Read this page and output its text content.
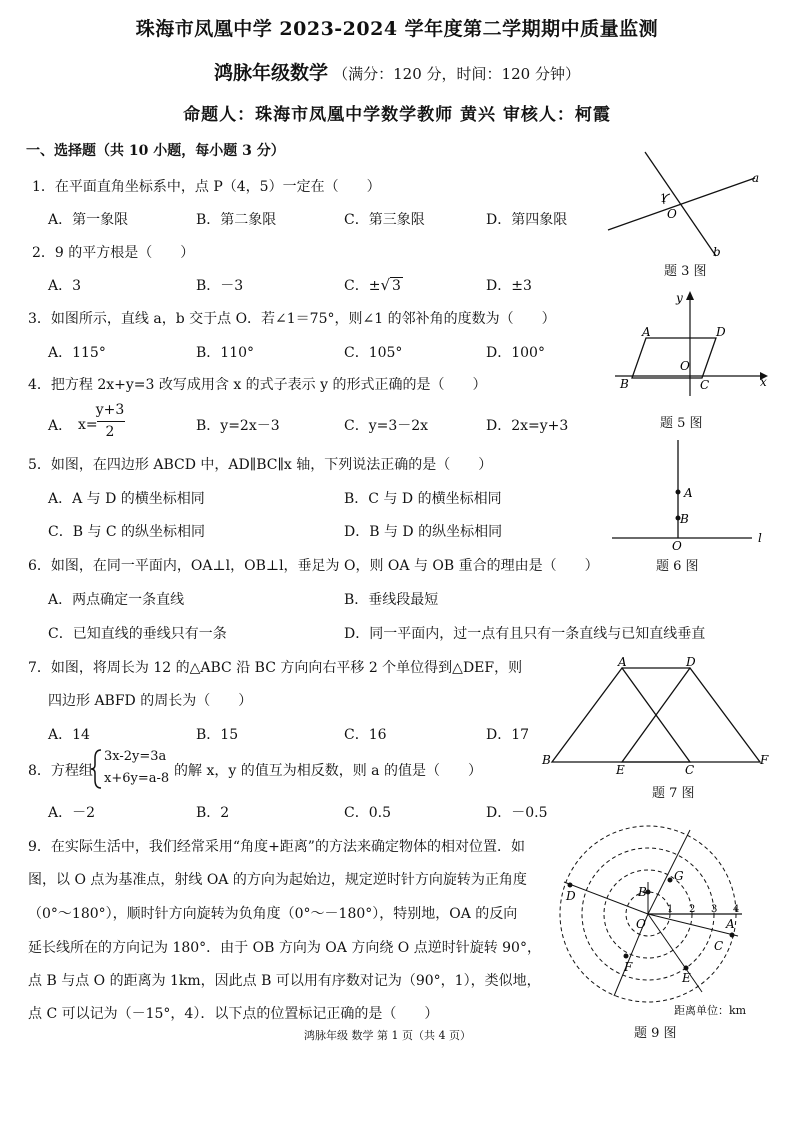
珠海市凤凰中学 2023-2024 学年度第二学期期中质量监测
鸿脉年级数学 （满分：120 分，时间：120 分钟）
命题人：珠海市凤凰中学数学教师 黄兴 审核人：柯霞
一、选择题（共 10 小题，每小题 3 分）
1．在平面直角坐标系中，点 P（4，5）一定在（　　）
A．第一象限	B．第二象限	C．第三象限	D．第四象限
2．9 的平方根是（　　）
A．3	B．－3	C．±√ 3	D．±3
3．如图所示，直线 a，b 交于点 O．若∠1＝75°，则∠1 的邻补角的度数为（　　）
A．115°	B．110°	C．105°	D．100°
4．把方程 2x+y=3 改写成用含 x 的式子表示 y 的形式正确的是（　　）
A． x=
y+3
2	B．y=2x－3	C．y=3－2x	D．2x=y+3
5．如图，在四边形 ABCD 中，AD∥BC∥x 轴，下列说法正确的是（　　）
A．A 与 D 的横坐标相同	B．C 与 D 的横坐标相同
C．B 与 C 的纵坐标相同	D．B 与 D 的纵坐标相同
6．如图，在同一平面内，OA⊥l，OB⊥l，垂足为 O，则 OA 与 OB 重合的理由是（　　）
A．两点确定一条直线	B．垂线段最短
C．已知直线的垂线只有一条	D．同一平面内，过一点有且只有一条直线与已知直线垂直
7．如图，将周长为 12 的△ABC 沿 BC 方向向右平移 2 个单位得到△DEF，则
四边形 ABFD 的周长为（　　）
A．14	B．15	C．16	D．17
8．方程组
3x-2y=3a
x+6y=a-8 的解 x，y 的值互为相反数，则 a 的值是（　　）
A．－2	B．2	C．0.5	D．－0.5
9．在实际生活中，我们经常采用“角度+距离”的方法来确定物体的相对位置．如
图，以 O 点为基准点，射线 OA 的方向为起始边，规定逆时针方向旋转为正角度
（0°～180°），顺时针方向旋转为负角度（0°～－180°），特别地，OA 的反向
延长线所在的方向记为 180°．由于 OB 方向为 OA 方向绕 O 点逆时针旋转 90°，
点 B 与点 O 的距离为 1km，因此点 B 可以用有序数对记为（90°，1），类似地，
点 C 可以记为（－15°，4）．以下点的位置标记正确的是（　　）
a
b
O
1
题 3 图
y
x
A	D
B	C
O
题 5 图
A
B
O
l
题 6 图
A	D
B
E	C
F
题 7 图
G
B
D
O
1 2 3 4
A
C
F
E
距离单位：km
题 9 图
鸿脉年级 数学 第 1 页（共 4 页）
